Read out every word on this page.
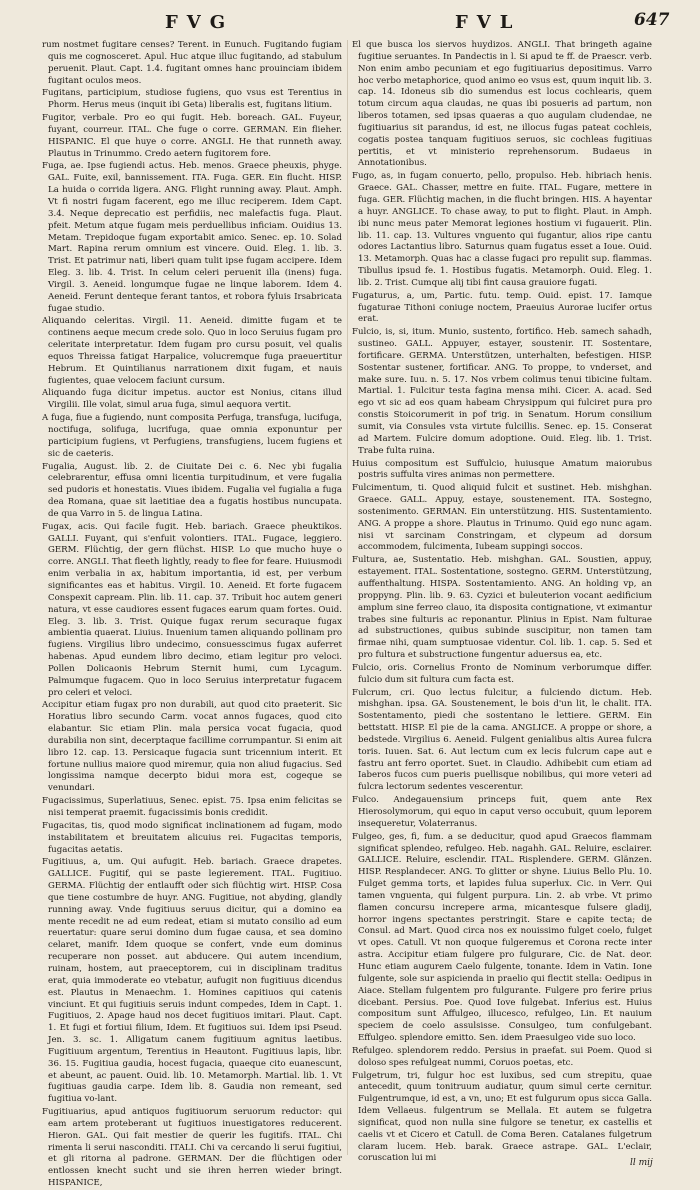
FVG	FVL	647

rum nostmet fugitare censes? Terent. in Eunuch. Fugitando fugiam quis me cognosceret. Apul. Huc atque illuc fugitando, ad stabulum peruenit. Plaut. Capt. 1.4. fugitant omnes hanc prouinciam ibidem fugitant oculos meos.

Fugitans, participium, studiose fugiens, quo vsus est Terentius in Phorm. Herus meus (inquit ibi Geta) liberalis est, fugitans litium.

Fugitor, verbale. Pro eo qui fugit. Heb. boreach. GAL. Fuyeur, fuyant, courreur. ITAL. Che fuge o corre. GERMAN. Ein flieher. HISPANIC. El que huye o corre. ANGLI. He that runneth away. Plautus in Trinummo. Credo aetern fugitorem fore.

Fuga, ae. Ipse fugiendi actus. Heb. menos. Graece pheuxis, phyge. GAL. Fuite, exil, bannissement. ITA. Fuga. GER. Ein flucht. HISP. La huida o corrida ligera. ANG. Flight running away. Plaut. Amph. Vt fi nostri fugam facerent, ego me illuc reciperem. Idem Capt. 3.4. Neque deprecatio est perfidiis, nec malefactis fuga. Plaut. pfeit. Metum atque fugam meis perduellibus inficiam. Ouidius 13. Metam. Trepidoque fugam exportabit amico. Senec. ep. 10. Solad Mart. Rapina rerum omnium est vincere. Ouid. Eleg. 1. lib. 3. Trist. Et patrimur nati, liberi quam tulit ipse fugam accipere. Idem Eleg. 3. lib. 4. Trist. In celum celeri peruenit illa (inens) fuga. Virgil. 3. Aeneid. longumque fugae ne linque laborem. Idem 4. Aeneid. Ferunt denteque ferant tantos, et robora fyluis Irsabricata fugae studio.

Aliquando celeritas. Virgil. 11. Aeneid. dimitte fugam et te continens aeque mecum crede solo. Quo in loco Seruius fugam pro celeritate interpretatur. Idem fugam pro cursu posuit, vel qualis equos Threissa fatigat Harpalice, volucremque fuga praeuertitur Hebrum. Et Quintilianus narrationem dixit fugam, et nauis fugientes, quae velocem faciunt cursum.

Aliquando fuga dicitur impetus. auctor est Nonius, citans illud Virgilii. Ille volat, simul arua fuga, simul aequora vertit.

A fuga, fiue a fugiendo, nunt composita Perfuga, transfuga, lucifuga, noctifuga, solifuga, lucrifuga, quae omnia exponuntur per participium fugiens, vt Perfugiens, transfugiens, lucem fugiens et sic de caeteris.

Fugalia, August. lib. 2. de Ciuitate Dei c. 6. Nec ybi fugalia celebrarentur, effusa omni licentia turpitudinum, et vere fugalia sed pudoris et honestatis. Viues ibidem. Fugalia vel fugialia a fuga dea Romana, quae sit laetitiae dea a fugatis hostibus nuncupata. de qua Varro in 5. de lingua Latina.

Fugax, acis. Qui facile fugit. Heb. bariach. Graece pheuktikos. GALLI. Fuyant, qui s'enfuit volontiers. ITAL. Fugace, leggiero. GERM. Flüchtig, der gern flüchst. HISP. Lo que mucho huye o corre. ANGLI. That fleeth lightly, ready to flee for feare. Huiusmodi enim verbalia in ax, habitum importantia, id est, per verbum significantes eas et habitus. Virgil. 10. Aeneid. Et forte fugacem Conspexit capream. Plin. lib. 11. cap. 37. Tribuit hoc autem generi natura, vt esse caudiores essent fugaces earum quam fortes. Ouid. Eleg. 3. lib. 3. Trist. Quique fugax rerum securaque fugax ambientia quaerat. Liuius. Inuenium tamen aliquando pollinam pro fugiens. Virgilius libro undecimo, consuesscimus fugax auferret habenas. Apud eundem libro decimo, etiam legitur pro veloci. Pollen Dolicaonis Hebrum Sternit humi, cum Lycagum. Palmumque fugacem. Quo in loco Seruius interpretatur fugacem pro celeri et veloci.

Accipitur etiam fugax pro non durabili, aut quod cito praeterit. Sic Horatius libro secundo Carm. vocat annos fugaces, quod cito elabantur. Sic etiam Plin. mala persica vocat fugacia, quod durabilia non sint, decerptaque facillime corrumpantur. Si enim ait libro 12. cap. 13. Persicaque fugacia sunt tricennium interit. Et fortune nullius maiore quod miremur, quia non aliud fugacius. Sed longissima namque decerpto bidui mora est, cogeque se venundari.

Fugacissimus, Superlatiuus, Senec. epist. 75. Ipsa enim felicitas se nisi temperat praemit. fugacissimis bonis credidit.

Fugacitas, tis, quod modo significat inclinationem ad fugam, modo instabilitatem et breuitatem alicuius rei. Fugacitas temporis, fugacitas aetatis.

Fugitiuus, a, um. Qui aufugit. Heb. bariach. Graece drapetes. GALLICE. Fugitif, qui se paste legierement. ITAL. Fugitiuo. GERMA. Flüchtig der entlaufft oder sich flüchtig wirt. HISP. Cosa que tiene costumbre de huyr. ANG. Fugitiue, not abyding, glandly running away. Vnde fugitiuus seruus dicitur, qui a domino ea mente recedit ne ad eum redeat, etiam si mutato consilio ad eum reuertatur: quare serui domino dum fugae causa, et sea domino celaret, manifr. Idem quoque se confert, vnde eum dominus recuperare non posset. aut abducere. Qui autem incendium, ruinam, hostem, aut praeceptorem, cui in disciplinam traditus erat, quia immoderate eo vtebatur, aufugit non fugitiuus dicendus est. Plautus in Menaechm. 1. Homines capitiuos qui catenis vinciunt. Et qui fugitiuis seruis indunt compedes, Idem in Capt. 1. Fugitiuos, 2. Apage haud nos decet fugitiuos imitari. Plaut. Capt. 1. Et fugi et fortiui filium, Idem. Et fugitiuos sui. Idem ipsi Pseud. Jen. 3. sc. 1. Alligatum canem fugitiuum agnitus laetibus. Fugitiuum argentum, Terentius in Heautont. Fugitiuus lapis, libr. 36. 15. Fugitiua gaudia, hocest fugacia, quaeque cito euanescunt, et abeunt, ac pauent. Ouid. lib. 10. Metamorph. Martial. lib. 1. Vt fugitiuas gaudia carpe. Idem lib. 8. Gaudia non remeant, sed fugitiua vo-lant.

Fugitiuarius, apud antiquos fugitiuorum seruorum reductor: qui eam artem proteberant ut fugitiuos inuestigatores reducerent. Hieron. GAL. Qui fait mestier de querir les fugitifs. ITAL. Chi rimenta li serui nasconditi. ITALI. Chi va cercando li serui fugitiui, et gli ritorna al padrone. GERMAN. Der die flüchtigen oder entlossen knecht sucht und sie ihren herren wieder bringt. HISPANICE,

El que busca los siervos huydizos. ANGLI. That bringeth againe fugitiue seruantes. In Pandectis in l. Si apud te ff. de Praescr. verb. Non enim ambo pecuniam et ego fugitiuarius depositimus. Varro hoc verbo metaphorice, quod animo eo vsus est, quum inquit lib. 3. cap. 14. Idoneus sib dio sumendus est locus cochlearis, quem totum circum aqua claudas, ne quas ibi posueris ad partum, non liberos totamen, sed ipsas quaeras a quo augulam cludendae, ne fugitiuarius sit parandus, id est, ne illocus fugas pateat cochleis, cogatis postea tanquam fugitiuos seruos, sic cochleas fugitiuas pertitis, et vt ministerio reprehensorum. Budaeus in Annotationibus.

Fugo, as, in fugam conuerto, pello, propulso. Heb. hibriach henis. Graece. GAL. Chasser, mettre en fuite. ITAL. Fugare, mettere in fuga. GER. Flüchtig machen, in die flucht bringen. HIS. A hayentar a huyr. ANGLICE. To chase away, to put to flight. Plaut. in Amph. ibi nunc meus pater Memorat legiones hostium vi fugauerit. Plin. lib. 11. cap. 13. Vultures vnguento qui fugantur, alios ripe cantu odores Lactantius libro. Saturnus quam fugatus esset a Ioue. Ouid. 13. Metamorph. Quas hac a classe fugaci pro repulit sup. flammas. Tibullus ipsud fe. 1. Hostibus fugatis. Metamorph. Ouid. Eleg. 1. lib. 2. Trist. Cumque alij tibi fint causa grauiore fugati.

Fugaturus, a, um, Partic. futu. temp. Ouid. epist. 17. Iamque fugaturae Tithoni coniuge noctem, Praeuius Aurorae lucifer ortus erat.

Fulcio, is, si, itum. Munio, sustento, fortifico. Heb. samech sahadh, sustineo. GALL. Appuyer, estayer, soustenir. IT. Sostentare, fortificare. GERMA. Unterstützen, unterhalten, befestigen. HISP. Sostentar sustener, fortificar. ANG. To proppe, to vnderset, and make sure. Iuu. n. 5. 17. Nos vrbem colimus tenui tibicine fultam. Martial. 1. Fulcitur testa fagina mensa mihi. Cicer. A. acad. Sed ego vt sic ad eos quam habeam Chrysippum qui fulciret pura pro constis Stoicorumerit in pof trig. in Senatum. Horum consilium sumit, via Consules vsta virtute fulcillis. Senec. ep. 15. Conserat ad Martem. Fulcire domum adoptione. Ouid. Eleg. lib. 1. Trist. Trabe fulta ruina.

Huius compositum est Suffulcio, huiusque Amatum maiorubus postris suffulta vires animas non permettere.

Fulcimentum, ti. Quod aliquid fulcit et sustinet. Heb. mishghan. Graece. GALL. Appuy, estaye, soustenement. ITA. Sostegno, sostenimento. GERMAN. Ein unterstützung. HIS. Sustentamiento. ANG. A proppe a shore. Plautus in Trinumo. Quid ego nunc agam. nisi vt sarcinam Constringam, et clypeum ad dorsum accommodem, fulcimenta, Iubeam suppingi soccos.

Fultura, ae, Sustentatio. Heb. mishghan. GAL. Soustien, appuy, estayement. ITAL. Sostentatione, sostegno. GERM. Unterstützung, auffenthaltung. HISPA. Sostentamiento. ANG. An holding vp, an proppyng. Plin. lib. 9. 63. Cyzici et buleuterion vocant aedificium amplum sine ferreo clauo, ita disposita contignatione, vt eximantur trabes sine fulturis ac reponantur. Plinius in Epist. Nam fulturae ad substructiones, quibus subinde suscipitur, non tamen tam firmae nihi, quam sumptuosae videntur. Col. lib. 1. cap. 5. Sed et pro fultura et substructione fungentur aduersus ea, etc.

Fulcio, oris. Cornelius Fronto de Nominum verborumque differ. fulcio dum sit fultura cum facta est.

Fulcrum, cri. Quo lectus fulcitur, a fulciendo dictum. Heb. mishghan. ipsa. GA. Soustenement, le bois d'un lit, le chalit. ITA. Sostentamento, piedi che sostentano le lettiere. GERM. Ein bettstatt. HISP. El pie de la cama. ANGLICE. A proppe or shore, a bedstede. Virgilius 6. Aeneid. Fulgent genialibus altis Aurea fulcra toris. Iuuen. Sat. 6. Aut lectum cum ex lecis fulcrum cape aut e fastru ant ferro oportet. Suet. in Claudio. Adhibebit cum etiam ad Iaberos fucos cum pueris puellisque nobilibus, qui more veteri ad fulcra lectorum sedentes vescerentur.

Fulco. Andegauensium princeps fuit, quem ante Rex Hierosolymorum, qui equo in caput verso occubuit, quum leporem insequeretur, Volaterranus.

Fulgeo, ges, fi, fum. a se deducitur, quod apud Graecos flammam significat splendeo, refulgeo. Heb. nagahh. GAL. Reluire, esclairer. GALLICE. Reluire, esclendir. ITAL. Risplendere. GERM. Glänzen. HISP. Resplandecer. ANG. To glitter or shyne. Liuius Bello Plu. 10. Fulget gemma torts, et lapides fulua superlux. Cic. in Verr. Qui tamen vnguenta, qui fulgent purpura. Lin. 2. ab vrbe. Vt primo flamen concursu increpere arma, micantesque fulsere gladij, horror ingens spectantes perstringit. Stare e capite tecta; de Consul. ad Mart. Quod circa nos ex nouissimo fulget coelo, fulget vt opes. Catull. Vt non quoque fulgeremus et Corona recte inter astra. Accipitur etiam fulgere pro fulgurare, Cic. de Nat. deor. Hunc etiam augurem Caelo fulgente, tonante. Idem in Vatin. Ione fulgente, sole sur aspicienda in praelio qui flectit stella: Oedipus in Aiace. Stellam fulgentem pro fulgurante. Fulgere pro ferire prius dicebant. Persius. Poe. Quod Iove fulgebat. Inferius est. Huius compositum sunt Affulgeo, illucesco, refulgeo, Lin. Et nauium speciem de coelo assulsisse. Consulgeo, tum confulgebant. Effulgeo. splendore emitto. Sen. idem Praesulgeo vide suo loco.

Refulgeo. splendorem reddo. Persius in praefat. sui Poem. Quod si doloso spes refulgeat nummi, Coruos poetas, etc.

Fulgetrum, tri, fulgur hoc est luxibus, sed cum strepitu, quae antecedit, quum tonitruum audiatur, quum simul certe cernitur. Fulgentrumque, id est, a vn, uno; Et est fulgurum opus sicca Galla. Idem Vellaeus. fulgentrum se Mellala. Et autem se fulgetra significat, quod non nulla sine fulgore se tenetur, ex castellis et caelis vt et Cicero et Catull. de Coma Beren. Catalanes fulgetrum claram lucem. Heb. barak. Graece astrape. GAL. L'eclair, coruscation lui mi	ll mij
